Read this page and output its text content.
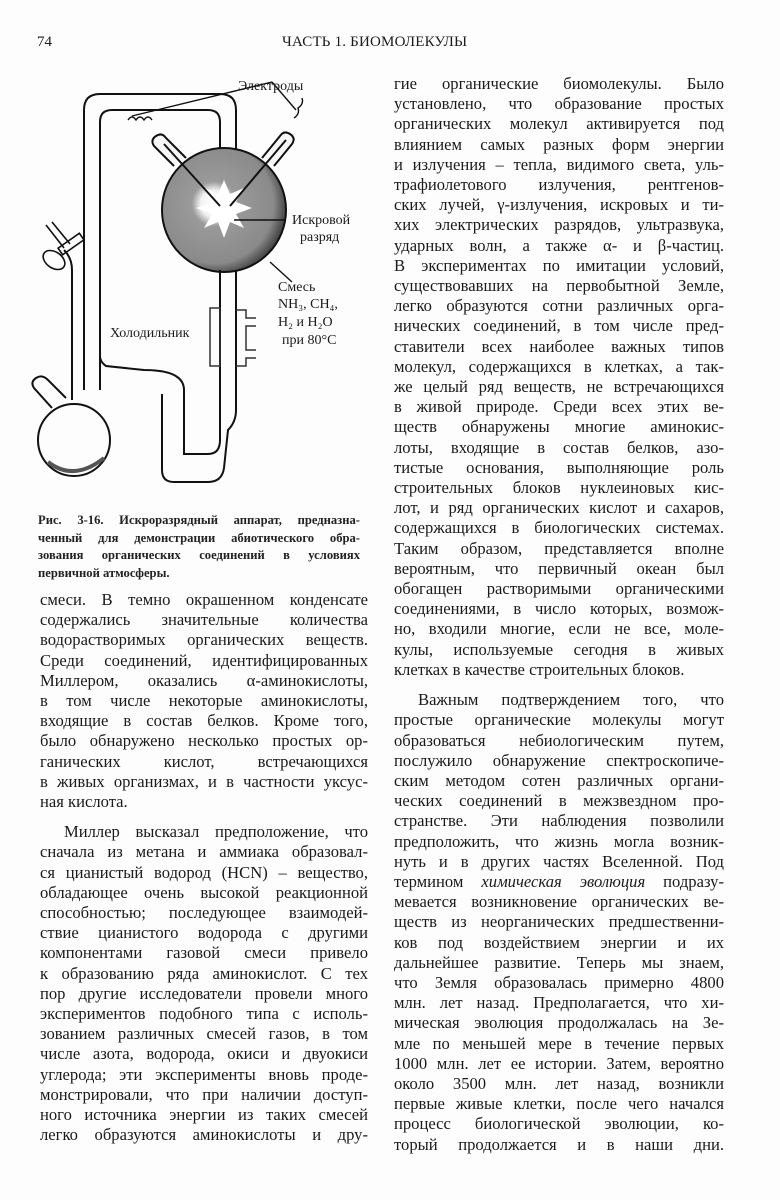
74	ЧАСТЬ 1. БИОМОЛЕКУЛЫ
Электроды
Искровой
разряд
Смесь
NH₃, CH₄,
H₂ и H₂O
при 80°С
Холодильник
Рис. 3-16. Искроразрядный аппарат, предназна-
ченный для демонстрации абиотического обра-
зования органических соединений в условиях
первичной атмосферы.
смеси. В темно окрашенном конденсате
содержались значительные количества
водорастворимых органических веществ.
Среди соединений, идентифицированных
Миллером, оказались α-аминокислоты,
в том числе некоторые аминокислоты,
входящие в состав белков. Кроме того,
было обнаружено несколько простых ор-
ганических кислот, встречающихся
в живых организмах, и в частности уксус-
ная кислота.
Миллер высказал предположение, что
сначала из метана и аммиака образовал-
ся цианистый водород (HCN) – вещество,
обладающее очень высокой реакционной
способностью; последующее взаимодей-
ствие цианистого водорода с другими
компонентами газовой смеси привело
к образованию ряда аминокислот. С тех
пор другие исследователи провели много
экспериментов подобного типа с исполь-
зованием различных смесей газов, в том
числе азота, водорода, окиси и двуокиси
углерода; эти эксперименты вновь проде-
монстрировали, что при наличии доступ-
ного источника энергии из таких смесей
легко образуются аминокислоты и дру-
гие органические биомолекулы. Было
установлено, что образование простых
органических молекул активируется под
влиянием самых разных форм энергии
и излучения – тепла, видимого света, уль-
трафиолетового излучения, рентгенов-
ских лучей, γ-излучения, искровых и ти-
хих электрических разрядов, ультразвука,
ударных волн, а также α- и β-частиц.
В экспериментах по имитации условий,
существовавших на первобытной Земле,
легко образуются сотни различных орга-
нических соединений, в том числе пред-
ставители всех наиболее важных типов
молекул, содержащихся в клетках, а так-
же целый ряд веществ, не встречающихся
в живой природе. Среди всех этих ве-
ществ обнаружены многие аминокис-
лоты, входящие в состав белков, азо-
тистые основания, выполняющие роль
строительных блоков нуклеиновых кис-
лот, и ряд органических кислот и сахаров,
содержащихся в биологических системах.
Таким образом, представляется вполне
вероятным, что первичный океан был
обогащен растворимыми органическими
соединениями, в число которых, возмож-
но, входили многие, если не все, моле-
кулы, используемые сегодня в живых
клетках в качестве строительных блоков.
Важным подтверждением того, что
простые органические молекулы могут
образоваться небиологическим путем,
послужило обнаружение спектроскопиче-
ским методом сотен различных органи-
ческих соединений в межзвездном про-
странстве. Эти наблюдения позволили
предположить, что жизнь могла возник-
нуть и в других частях Вселенной. Под
термином химическая эволюция подразу-
мевается возникновение органических ве-
ществ из неорганических предшественни-
ков под воздействием энергии и их
дальнейшее развитие. Теперь мы знаем,
что Земля образовалась примерно 4800
млн. лет назад. Предполагается, что хи-
мическая эволюция продолжалась на Зе-
мле по меньшей мере в течение первых
1000 млн. лет ее истории. Затем, вероятно
около 3500 млн. лет назад, возникли
первые живые клетки, после чего начался
процесс биологической эволюции, ко-
торый продолжается и в наши дни.
